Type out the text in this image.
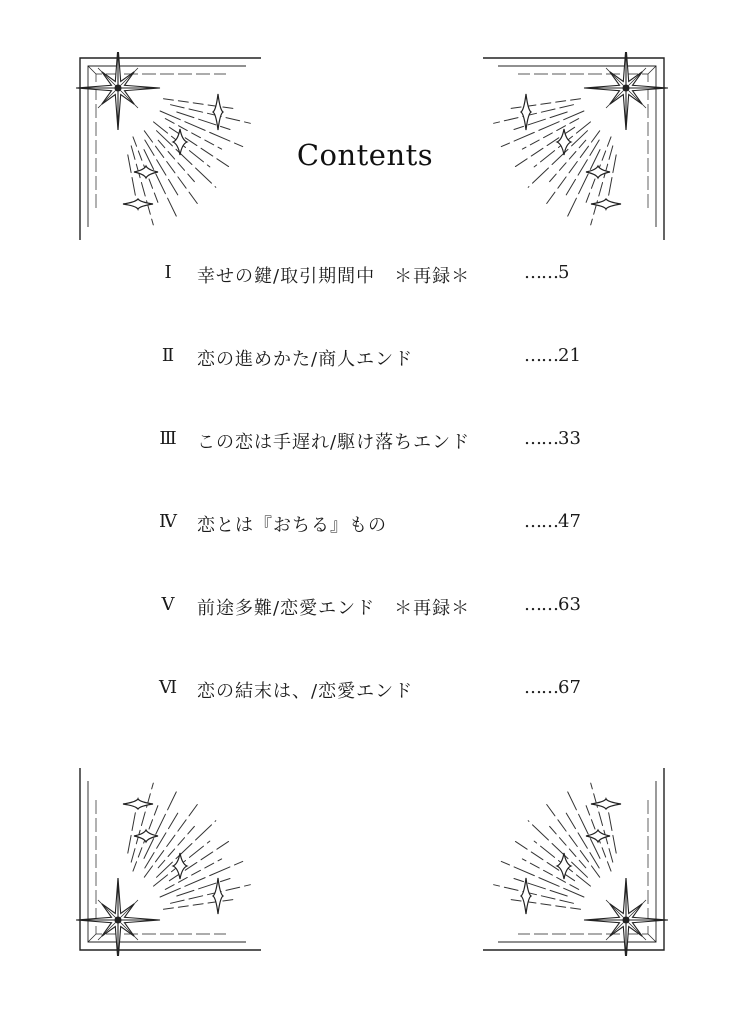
Contents
Ⅰ	幸せの鍵/取引期間中　＊再録＊	……5
Ⅱ	恋の進めかた/商人エンド	……21
Ⅲ	この恋は手遅れ/駆け落ちエンド	……33
Ⅳ	恋とは『おちる』もの	……47
Ⅴ	前途多難/恋愛エンド　＊再録＊	……63
Ⅵ	恋の結末は、/恋愛エンド	……67
